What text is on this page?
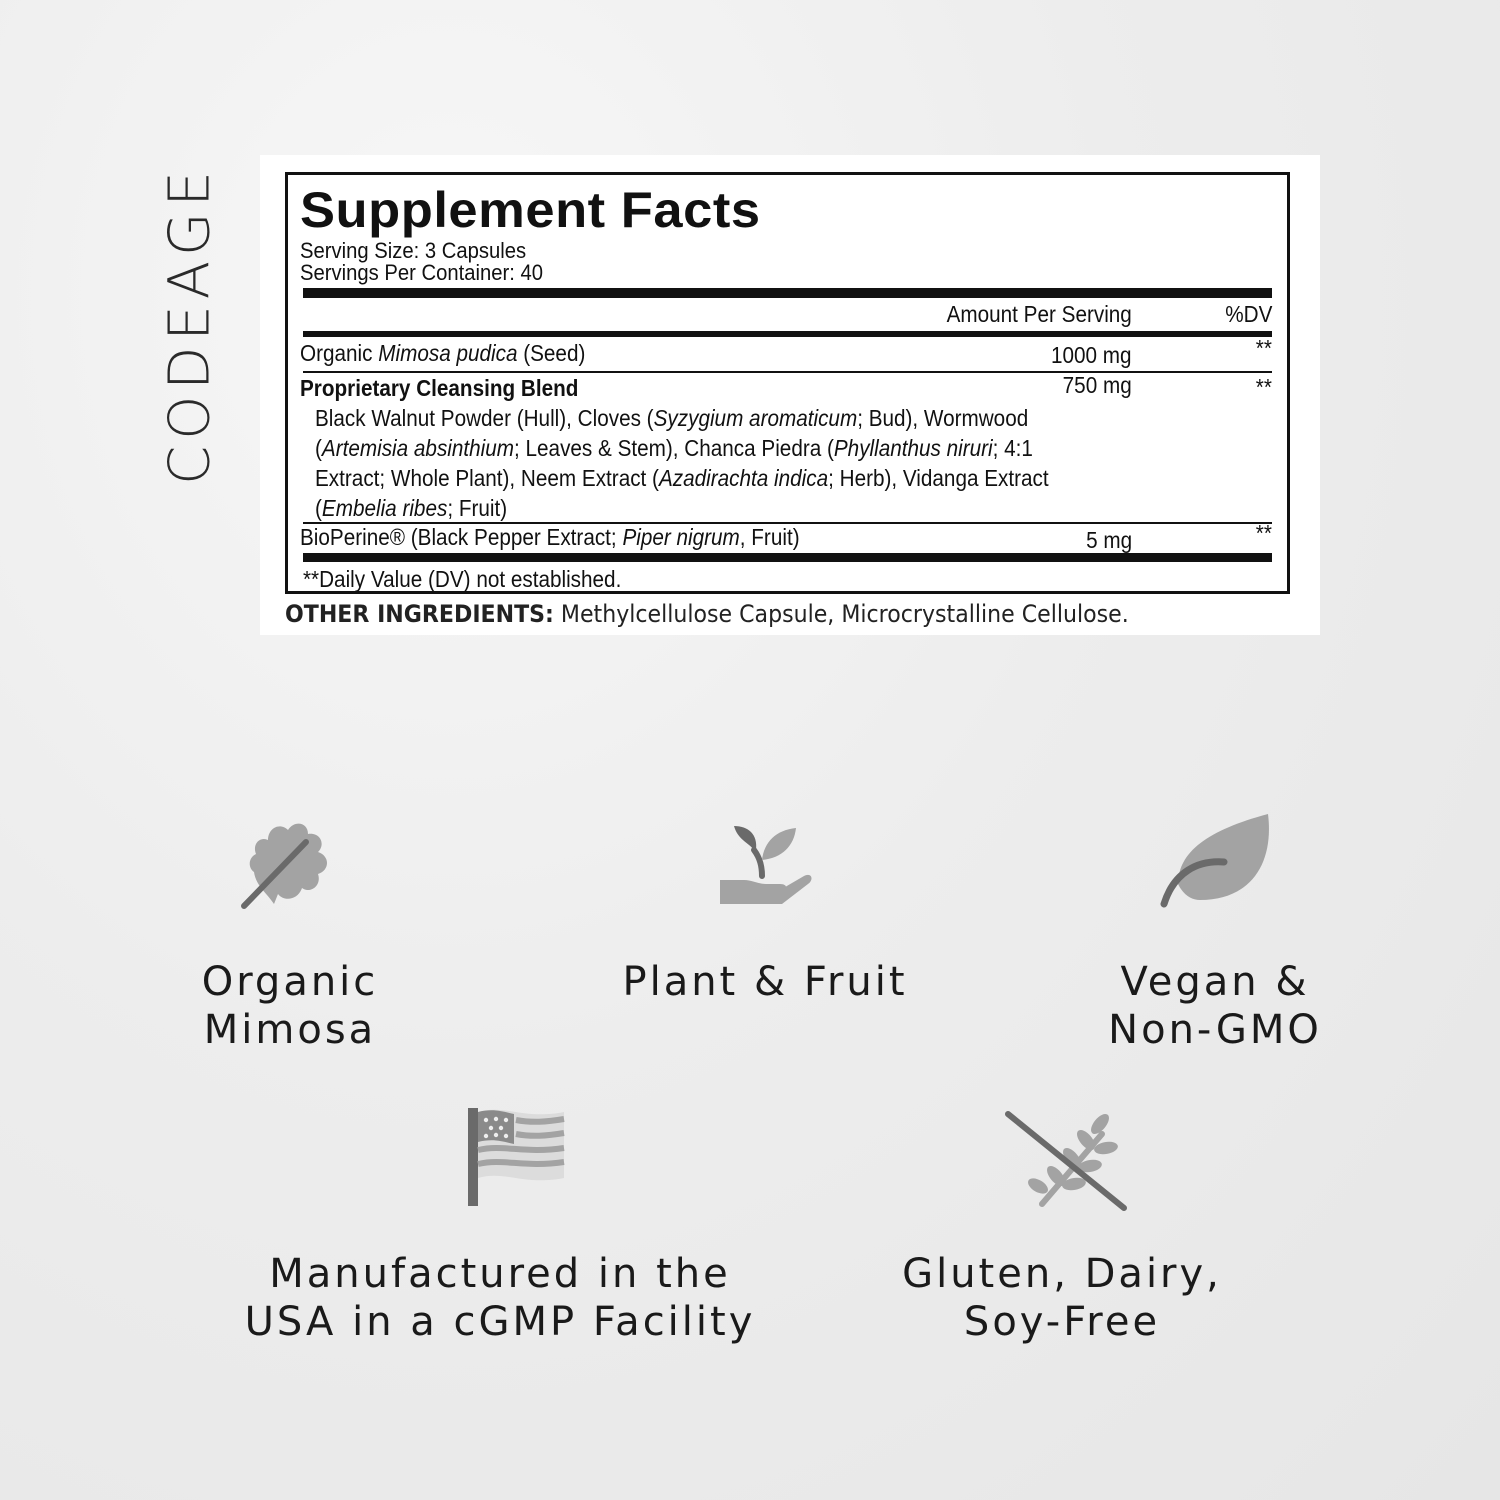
CODEAGE Supplement Facts
Serving Size: 3 Capsules
Servings Per Container: 40
Amount Per Serving	%DV
Organic Mimosa pudica (Seed)	1000 mg	**
Proprietary Cleansing Blend	750 mg	**
Black Walnut Powder (Hull), Cloves (Syzygium aromaticum; Bud), Wormwood
(Artemisia absinthium; Leaves & Stem), Chanca Piedra (Phyllanthus niruri; 4:1
Extract; Whole Plant), Neem Extract (Azadirachta indica; Herb), Vidanga Extract
(Embelia ribes; Fruit)
BioPerine® (Black Pepper Extract; Piper nigrum, Fruit)	5 mg	**
**Daily Value (DV) not established.
OTHER INGREDIENTS: Methylcellulose Capsule, Microcrystalline Cellulose.
Organic
Mimosa
Plant & Fruit	Vegan &
Non-GMO
Manufactured in the
USA in a cGMP Facility
Gluten, Dairy,
Soy-Free
